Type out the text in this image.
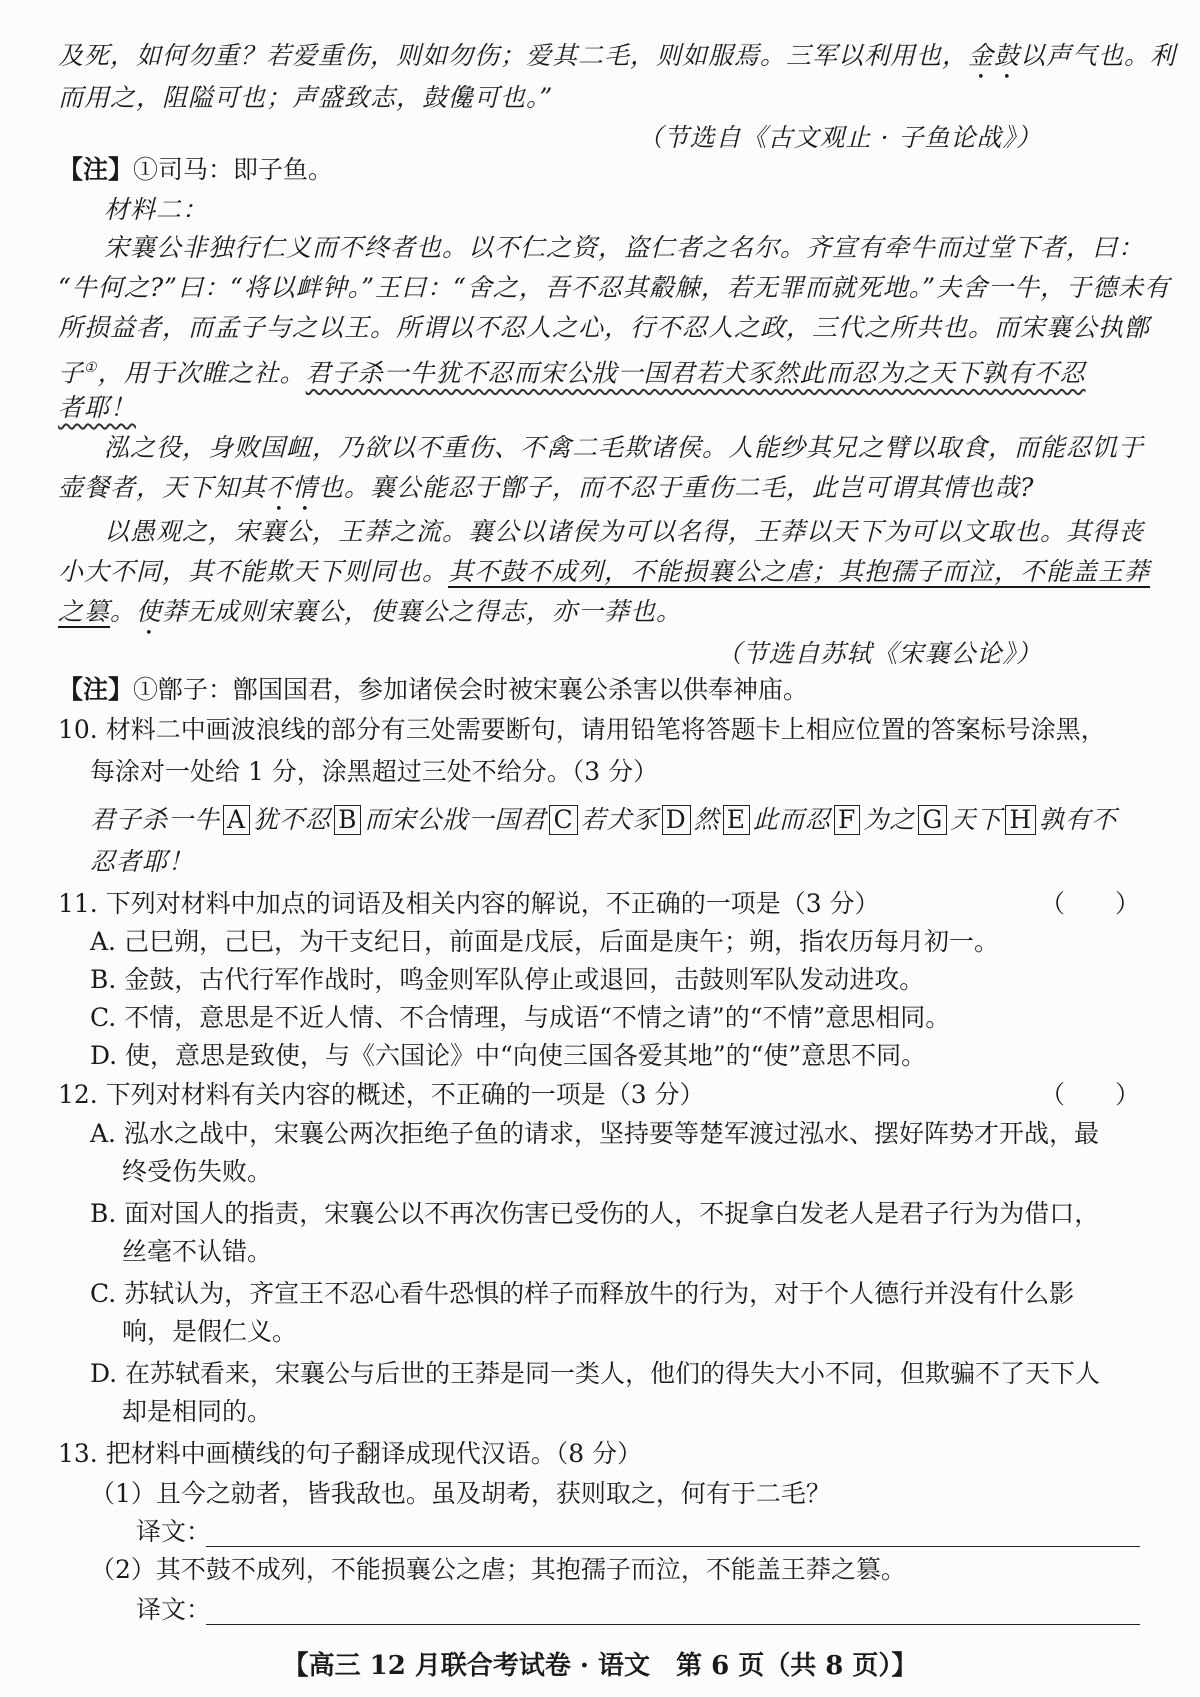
及死，如何勿重？若爱重伤，则如勿伤；爱其二毛，则如服焉。三军以利用也，金鼓以声气也。利
而用之，阻隘可也；声盛致志，鼓儳可也。”
（节选自《古文观止 · 子鱼论战》）
【注】①司马：即子鱼。
材料二：
宋襄公非独行仁义而不终者也。以不仁之资，盗仁者之名尔。齐宣有牵牛而过堂下者，曰：
“牛何之?”曰：“将以衅钟。”王曰：“舍之，吾不忍其觳觫，若无罪而就死地。”夫舍一牛，于德未有
所损益者，而孟子与之以王。所谓以不忍人之心，行不忍人之政，三代之所共也。而宋襄公执鄫
子①，用于次睢之社。君子杀一牛犹不忍而宋公戕一国君若犬豕然此而忍为之天下孰有不忍
者耶！
泓之役，身败国衄，乃欲以不重伤、不禽二毛欺诸侯。人能纱其兄之臂以取食，而能忍饥于
壶餐者，天下知其不情也。襄公能忍于鄫子，而不忍于重伤二毛，此岂可谓其情也哉?
以愚观之，宋襄公，王莽之流。襄公以诸侯为可以名得，王莽以天下为可以文取也。其得丧
小大不同，其不能欺天下则同也。其不鼓不成列，不能损襄公之虐；其抱孺子而泣，不能盖王莽
之篡。使莽无成则宋襄公，使襄公之得志，亦一莽也。
（节选自苏轼《宋襄公论》）
【注】①鄫子：鄫国国君，参加诸侯会时被宋襄公杀害以供奉神庙。
10. 材料二中画波浪线的部分有三处需要断句，请用铅笔将答题卡上相应位置的答案标号涂黑，
每涂对一处给 1 分，涂黑超过三处不给分。（3 分）
君子杀一牛 A 犹不忍 B 而宋公戕一国君 C 若犬豕 D 然 E 此而忍 F 为之 G 天下 H 孰有不
忍者耶！
11. 下列对材料中加点的词语及相关内容的解说，不正确的一项是（3 分）	（　　）
A. 己巳朔，己巳，为干支纪日，前面是戊辰，后面是庚午；朔，指农历每月初一。
B. 金鼓，古代行军作战时，鸣金则军队停止或退回，击鼓则军队发动进攻。
C. 不情，意思是不近人情、不合情理，与成语“不情之请”的“不情”意思相同。
D. 使，意思是致使，与《六国论》中“向使三国各爱其地”的“使”意思不同。
12. 下列对材料有关内容的概述，不正确的一项是（3 分）	（　　）
A. 泓水之战中，宋襄公两次拒绝子鱼的请求，坚持要等楚军渡过泓水、摆好阵势才开战，最
终受伤失败。
B. 面对国人的指责，宋襄公以不再次伤害已受伤的人，不捉拿白发老人是君子行为为借口，
丝毫不认错。
C. 苏轼认为，齐宣王不忍心看牛恐惧的样子而释放牛的行为，对于个人德行并没有什么影
响，是假仁义。
D. 在苏轼看来，宋襄公与后世的王莽是同一类人，他们的得失大小不同，但欺骗不了天下人
却是相同的。
13. 把材料中画横线的句子翻译成现代汉语。（8 分）
（1）且今之勍者，皆我敌也。虽及胡耇，获则取之，何有于二毛？
译文：
（2）其不鼓不成列，不能损襄公之虐；其抱孺子而泣，不能盖王莽之篡。
译文：
【高三 12 月联合考试卷 · 语文　第 6 页（共 8 页）】
